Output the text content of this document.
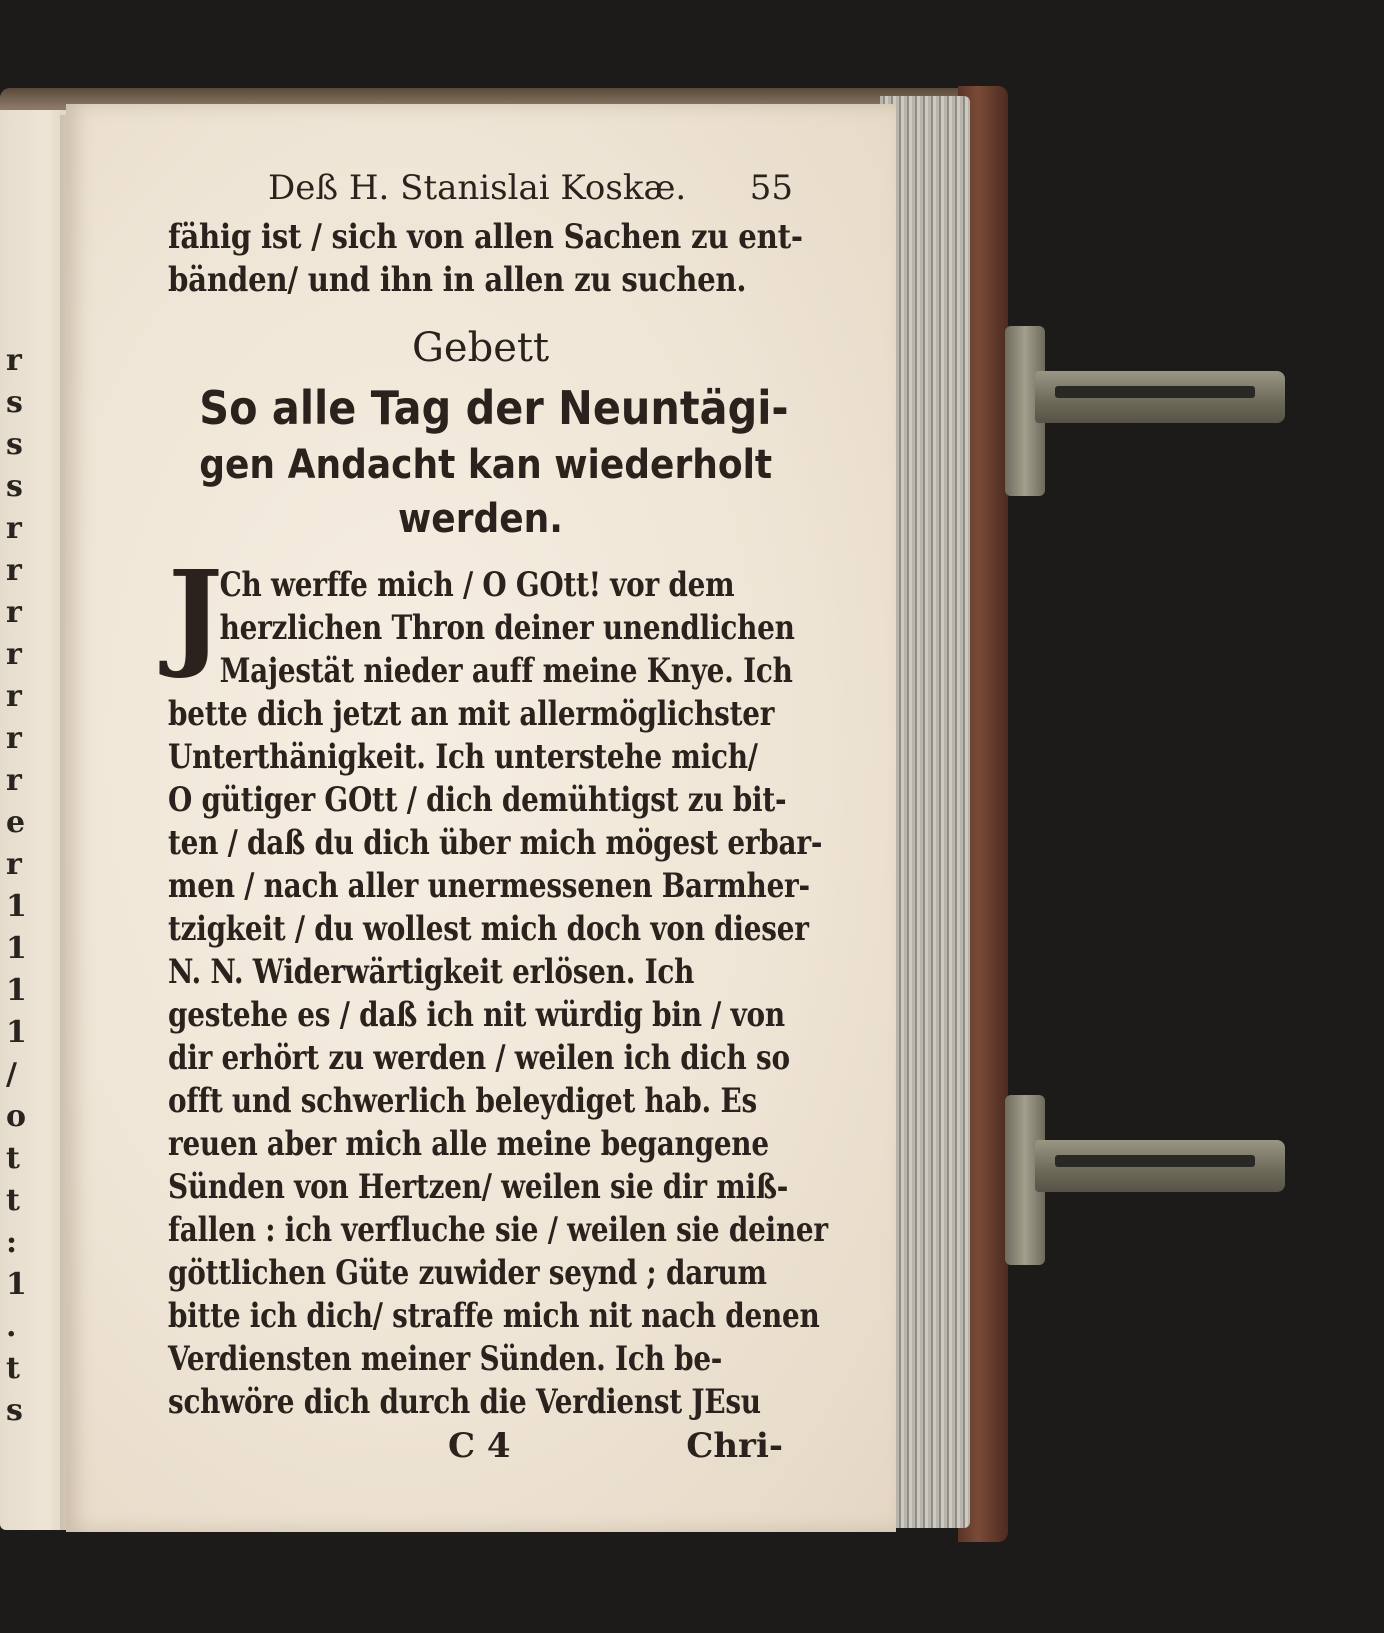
r
s
s
s
r
r
r
r
r
r
r
e
r
1
1
1
1
/
o
t
t
:
1
.
t
s
Deß H. Stanislai Koskæ. 55
fähig ist / sich von allen Sachen zu ent-
bänden/ und ihn in allen zu suchen.
Gebett
So alle Tag der Neuntägi-
gen Andacht kan wiederholt
werden.
J
Ch werffe mich / O GOtt! vor dem
herzlichen Thron deiner unendlichen
Majestät nieder auff meine Knye. Ich
bette dich jetzt an mit allermöglichster
Unterthänigkeit. Ich unterstehe mich/
O gütiger GOtt / dich demühtigst zu bit-
ten / daß du dich über mich mögest erbar-
men / nach aller unermessenen Barmher-
tzigkeit / du wollest mich doch von dieser
N. N. Widerwärtigkeit erlösen. Ich
gestehe es / daß ich nit würdig bin / von
dir erhört zu werden / weilen ich dich so
offt und schwerlich beleydiget hab. Es
reuen aber mich alle meine begangene
Sünden von Hertzen/ weilen sie dir miß-
fallen : ich verfluche sie / weilen sie deiner
göttlichen Güte zuwider seynd ; darum
bitte ich dich/ straffe mich nit nach denen
Verdiensten meiner Sünden. Ich be-
schwöre dich durch die Verdienst JEsu
C 4	Chri-
